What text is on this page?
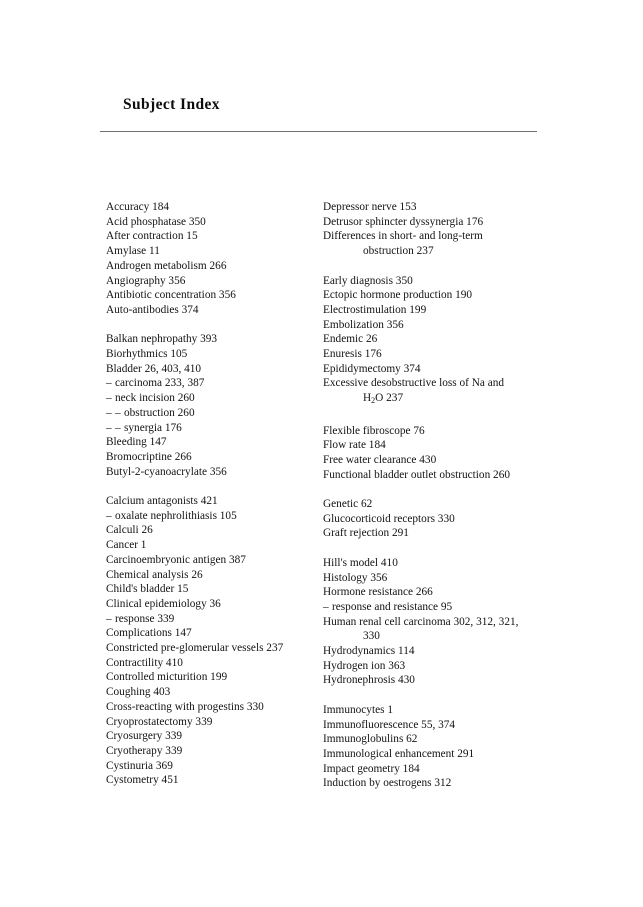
Subject Index
Accuracy 184
Acid phosphatase 350
After contraction 15
Amylase 11
Androgen metabolism 266
Angiography 356
Antibiotic concentration 356
Auto-antibodies 374
Balkan nephropathy 393
Biorhythmics 105
Bladder 26, 403, 410
– carcinoma 233, 387
– neck incision 260
– – obstruction 260
– – synergia 176
Bleeding 147
Bromocriptine 266
Butyl-2-cyanoacrylate 356
Calcium antagonists 421
– oxalate nephrolithiasis 105
Calculi 26
Cancer 1
Carcinoembryonic antigen 387
Chemical analysis 26
Child's bladder 15
Clinical epidemiology 36
– response 339
Complications 147
Constricted pre-glomerular vessels 237
Contractility 410
Controlled micturition 199
Coughing 403
Cross-reacting with progestins 330
Cryoprostatectomy 339
Cryosurgery 339
Cryotherapy 339
Cystinuria 369
Cystometry 451
Depressor nerve 153
Detrusor sphincter dyssynergia 176
Differences in short- and long-term
obstruction 237
Early diagnosis 350
Ectopic hormone production 190
Electrostimulation 199
Embolization 356
Endemic 26
Enuresis 176
Epididymectomy 374
Excessive desobstructive loss of Na and
$H_2O$ 237
Flexible fibroscope 76
Flow rate 184
Free water clearance 430
Functional bladder outlet obstruction 260
Genetic 62
Glucocorticoid receptors 330
Graft rejection 291
Hill's model 410
Histology 356
Hormone resistance 266
– response and resistance 95
Human renal cell carcinoma 302, 312, 321,
330
Hydrodynamics 114
Hydrogen ion 363
Hydronephrosis 430
Immunocytes 1
Immunofluorescence 55, 374
Immunoglobulins 62
Immunological enhancement 291
Impact geometry 184
Induction by oestrogens 312
